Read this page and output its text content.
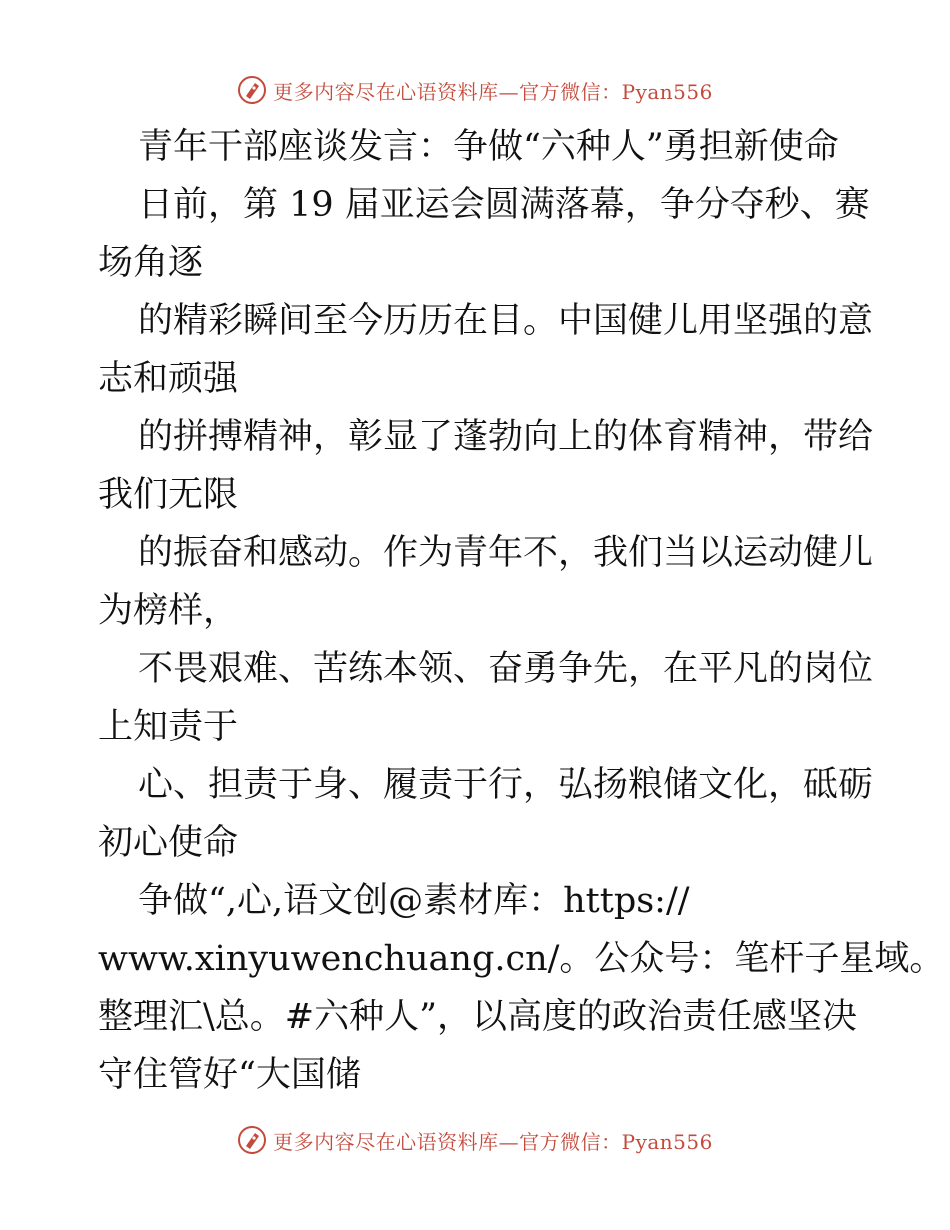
更多内容尽在心语资料库—官方微信：Pyan556
青年干部座谈发言：争做“六种人”勇担新使命
日前，第 19 届亚运会圆满落幕，争分夺秒、赛
场角逐
的精彩瞬间至今历历在目。中国健儿用坚强的意
志和顽强
的拼搏精神，彰显了蓬勃向上的体育精神，带给
我们无限
的振奋和感动。作为青年不，我们当以运动健儿
为榜样，
不畏艰难、苦练本领、奋勇争先，在平凡的岗位
上知责于
心、担责于身、履责于行，弘扬粮储文化，砥砺
初心使命
争做“,心,语文创@素材库：https://
www.xinyuwenchuang.cn/。公众号：笔杆子星域。
整理汇\总。#六种人”，以高度的政治责任感坚决
守住管好“大国储
更多内容尽在心语资料库—官方微信：Pyan556
